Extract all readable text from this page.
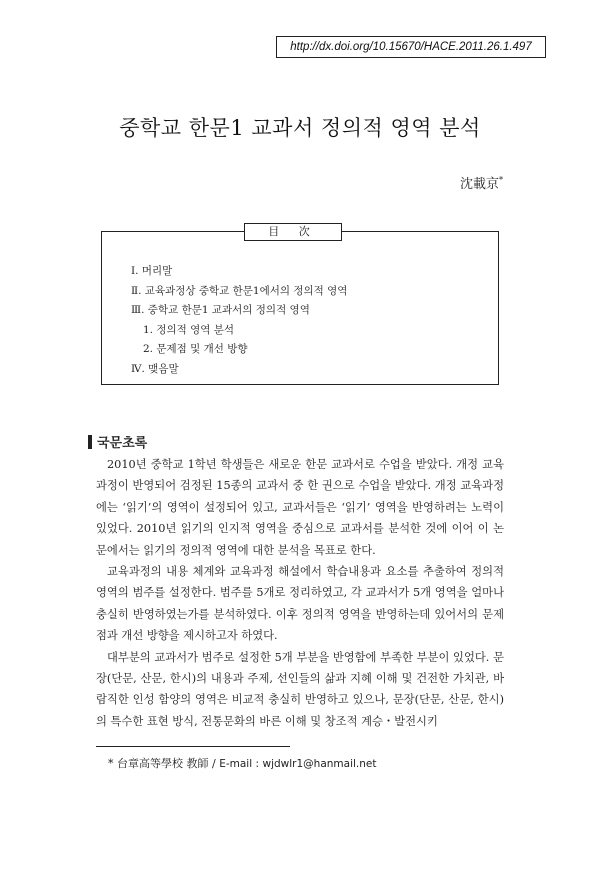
http://dx.doi.org/10.15670/HACE.2011.26.1.497
중학교 한문1 교과서 정의적 영역 분석
沈載京*
目 次
Ⅰ. 머리말
Ⅱ. 교육과정상 중학교 한문1에서의 정의적 영역
Ⅲ. 중학교 한문1 교과서의 정의적 영역
1. 정의적 영역 분석
2. 문제점 및 개선 방향
Ⅳ. 맺음말
국문초록

2010년 중학교 1학년 학생들은 새로운 한문 교과서로 수업을 받았다. 개정 교육과정이 반영되어 검정된 15종의 교과서 중 한 권으로 수업을 받았다. 개정 교육과정에는 ‘읽기’의 영역이 설정되어 있고, 교과서들은 ‘읽기’ 영역을 반영하려는 노력이 있었다. 2010년 읽기의 인지적 영역을 중심으로 교과서를 분석한 것에 이어 이 논문에서는 읽기의 정의적 영역에 대한 분석을 목표로 한다.

교육과정의 내용 체계와 교육과정 해설에서 학습내용과 요소를 추출하여 정의적 영역의 범주를 설정한다. 범주를 5개로 정리하였고, 각 교과서가 5개 영역을 얼마나 충실히 반영하였는가를 분석하였다. 이후 정의적 영역을 반영하는데 있어서의 문제점과 개선 방향을 제시하고자 하였다.

대부분의 교과서가 범주로 설정한 5개 부분을 반영함에 부족한 부분이 있었다. 문장(단문, 산문, 한시)의 내용과 주제, 선인들의 삶과 지혜 이해 및 건전한 가치관, 바람직한 인성 함양의 영역은 비교적 충실히 반영하고 있으나, 문장(단문, 산문, 한시)의 특수한 표현 방식, 전통문화의 바른 이해 및 창조적 계승・발전시키

* 台章高等學校 教師 / E-mail : wjdwlr1@hanmail.net
